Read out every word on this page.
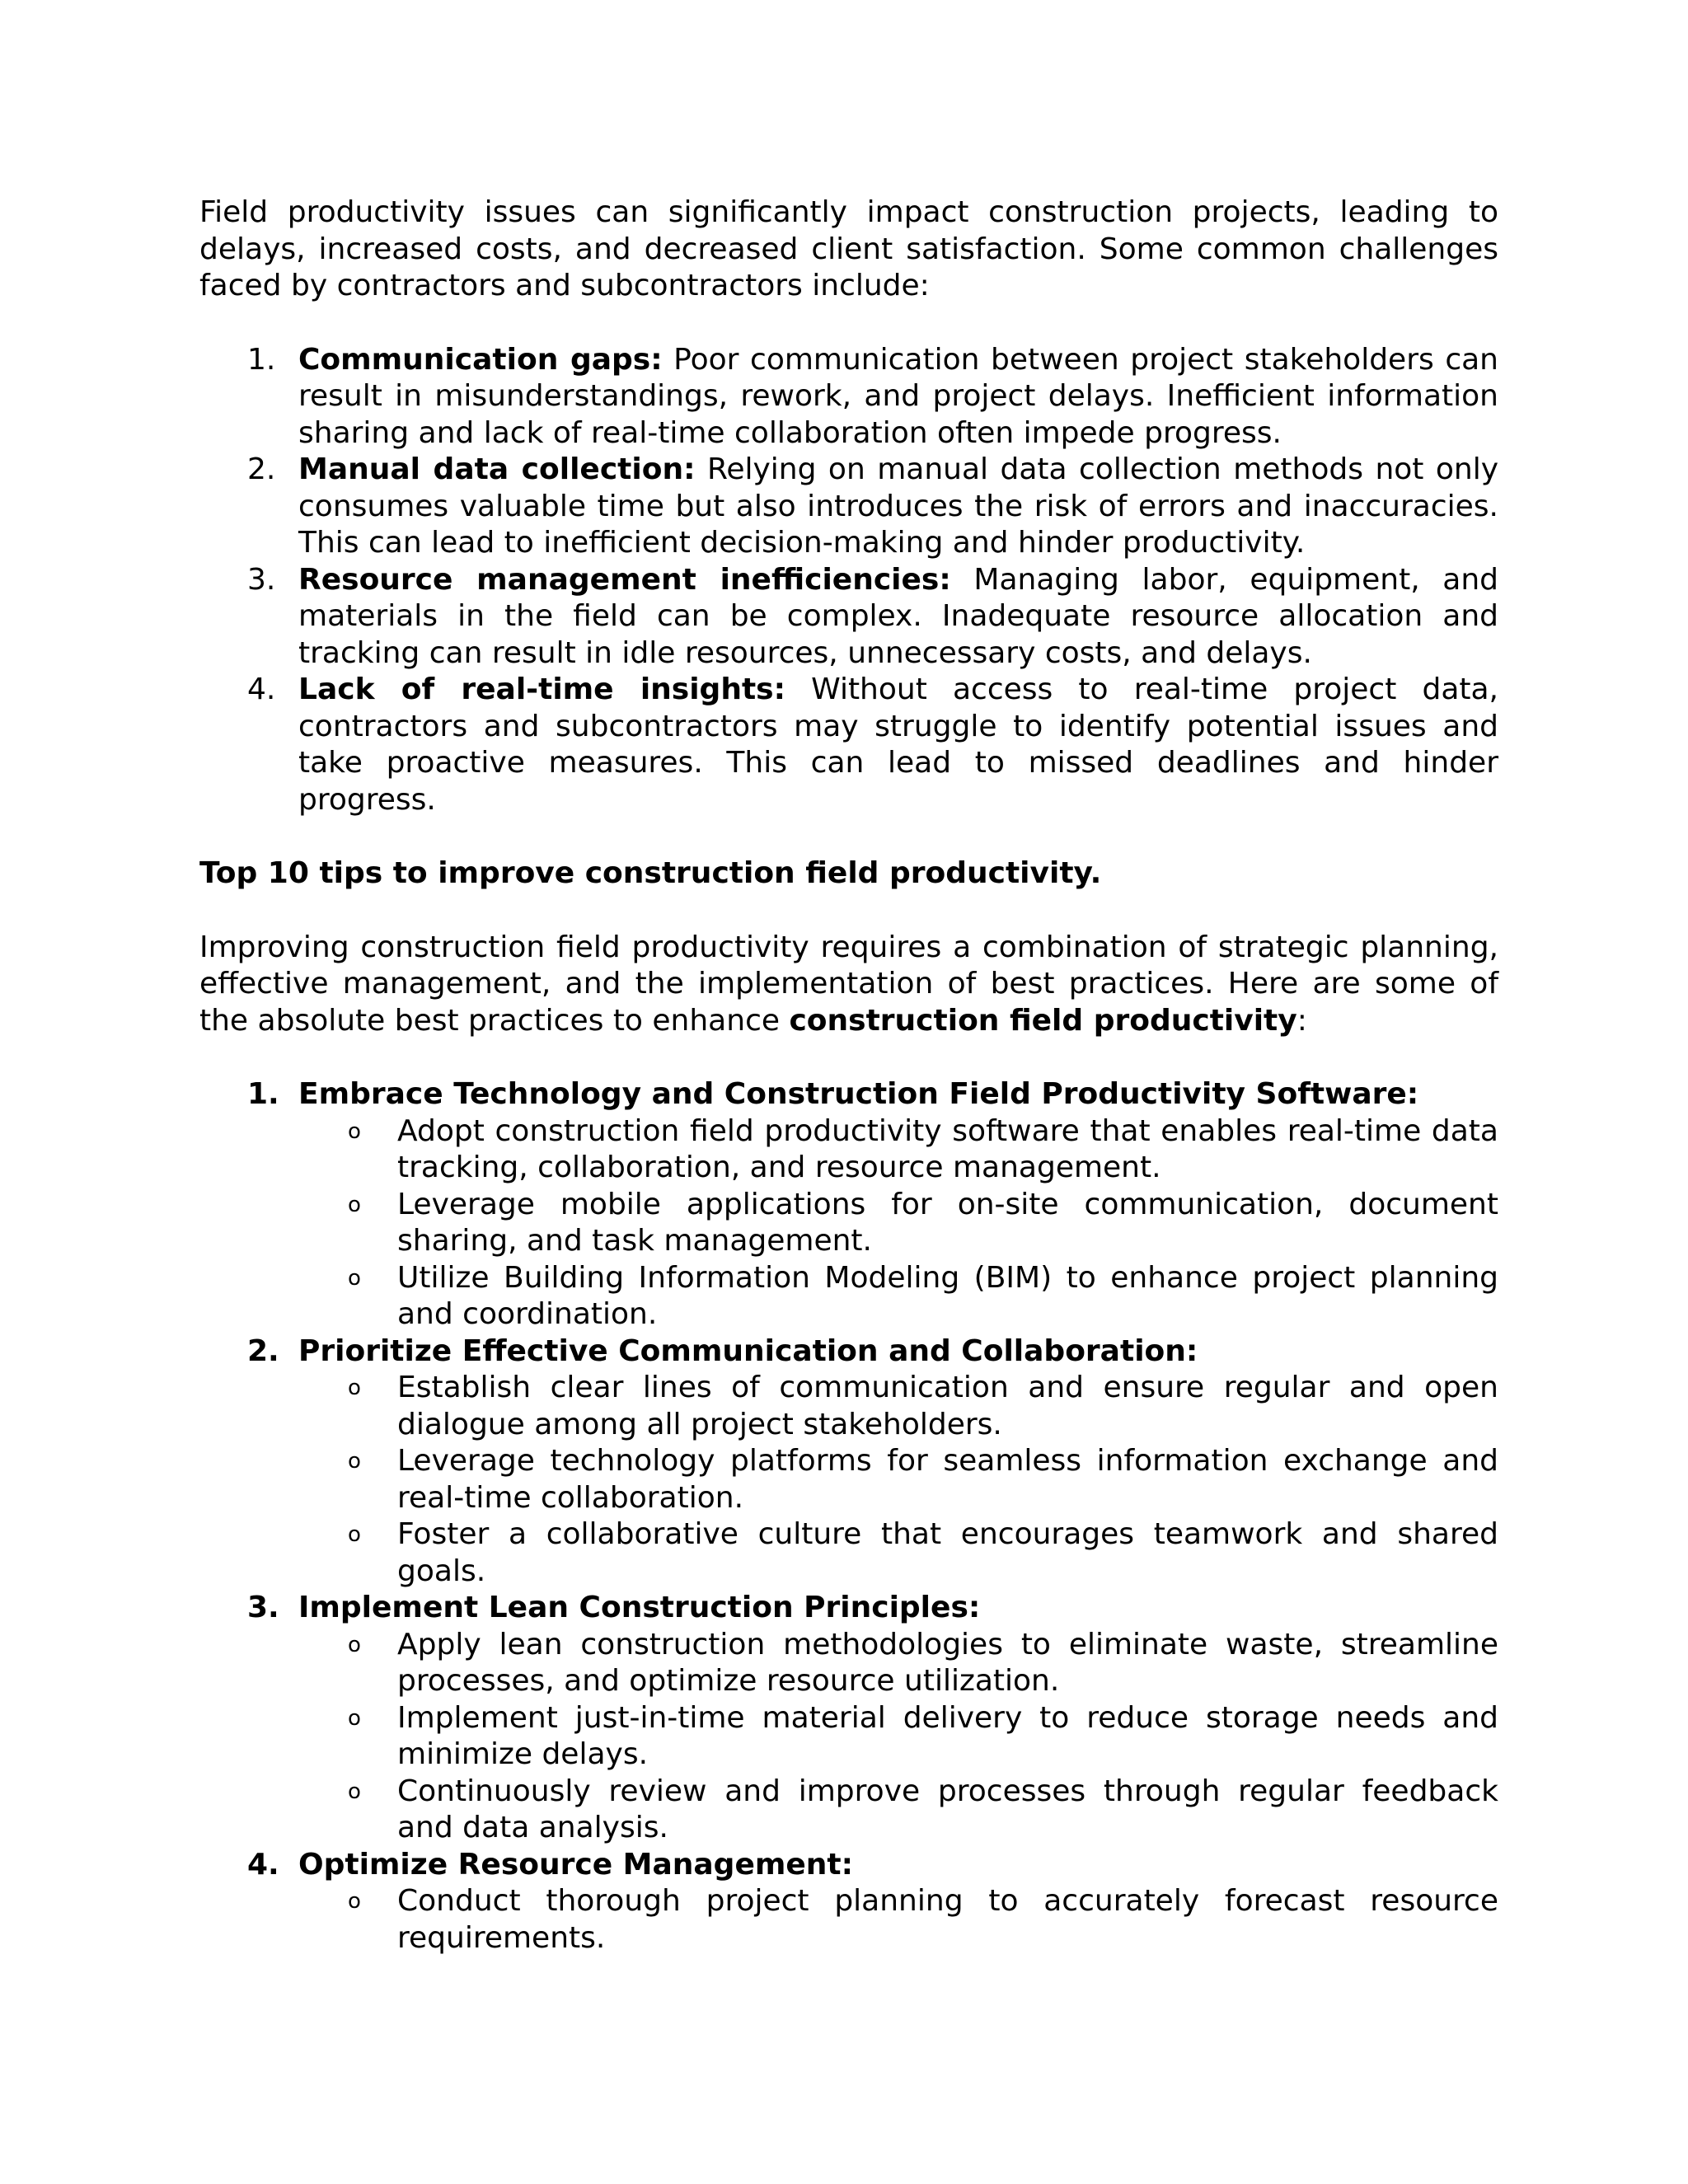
Field productivity issues can significantly impact construction projects, leading to delays, increased costs, and decreased client satisfaction. Some common challenges faced by contractors and subcontractors include:

1. Communication gaps: Poor communication between project stakeholders can result in misunderstandings, rework, and project delays. Inefficient information sharing and lack of real-time collaboration often impede progress.
2. Manual data collection: Relying on manual data collection methods not only consumes valuable time but also introduces the risk of errors and inaccuracies. This can lead to inefficient decision-making and hinder productivity.
3. Resource management inefficiencies: Managing labor, equipment, and materials in the field can be complex. Inadequate resource allocation and tracking can result in idle resources, unnecessary costs, and delays.
4. Lack of real-time insights: Without access to real-time project data, contractors and subcontractors may struggle to identify potential issues and take proactive measures. This can lead to missed deadlines and hinder progress.

Top 10 tips to improve construction field productivity.

Improving construction field productivity requires a combination of strategic planning, effective management, and the implementation of best practices. Here are some of the absolute best practices to enhance construction field productivity:

1. Embrace Technology and Construction Field Productivity Software:
o Adopt construction field productivity software that enables real-time data tracking, collaboration, and resource management.
o Leverage mobile applications for on-site communication, document sharing, and task management.
o Utilize Building Information Modeling (BIM) to enhance project planning and coordination.
2. Prioritize Effective Communication and Collaboration:
o Establish clear lines of communication and ensure regular and open dialogue among all project stakeholders.
o Leverage technology platforms for seamless information exchange and real-time collaboration.
o Foster a collaborative culture that encourages teamwork and shared goals.
3. Implement Lean Construction Principles:
o Apply lean construction methodologies to eliminate waste, streamline processes, and optimize resource utilization.
o Implement just-in-time material delivery to reduce storage needs and minimize delays.
o Continuously review and improve processes through regular feedback and data analysis.
4. Optimize Resource Management:
o Conduct thorough project planning to accurately forecast resource requirements.
